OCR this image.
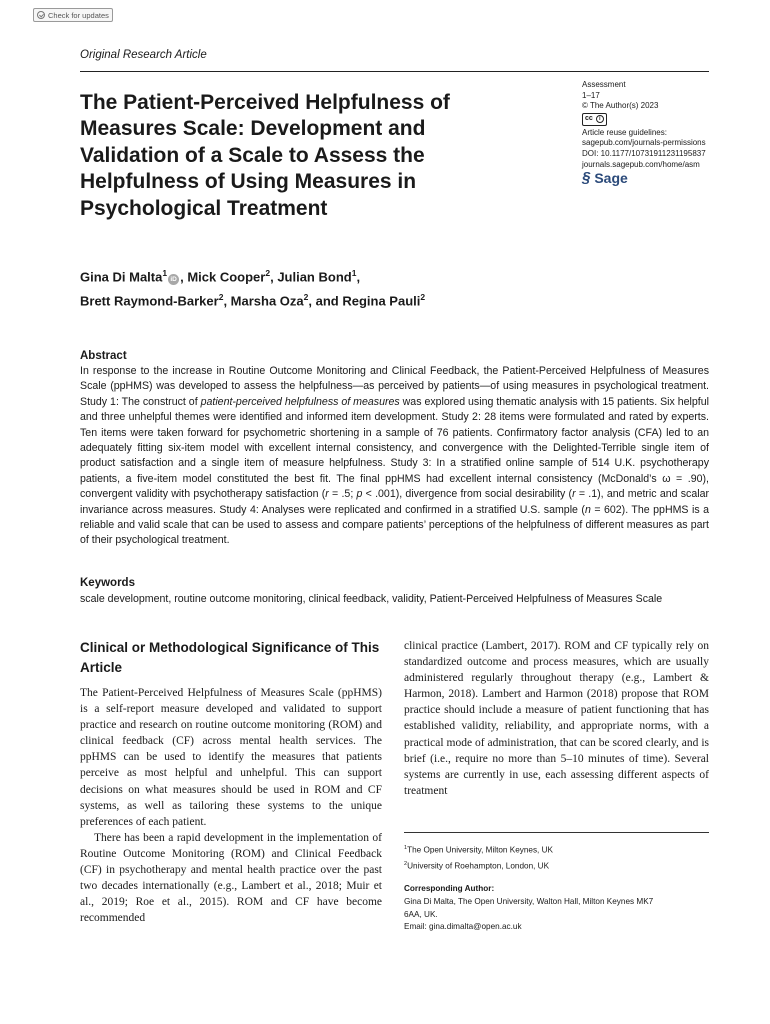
Check for updates
Original Research Article
Assessment
1–17
© The Author(s) 2023
cc	i
Article reuse guidelines:
sagepub.com/journals-permissions
DOI: 10.1177/10731911231195837
journals.sagepub.com/home/asm
§ Sage
The Patient-Perceived Helpfulness of Measures Scale: Development and Validation of a Scale to Assess the Helpfulness of Using Measures in Psychological Treatment
Gina Di Malta$^1$iD , Mick Cooper$^2$, Julian Bond$^1$,
Brett Raymond-Barker$^2$, Marsha Oza$^2$, and Regina Pauli$^2$
Abstract
In response to the increase in Routine Outcome Monitoring and Clinical Feedback, the Patient-Perceived Helpfulness of Measures Scale (ppHMS) was developed to assess the helpfulness—as perceived by patients—of using measures in psychological treatment. Study 1: The construct of patient-perceived helpfulness of measures was explored using thematic analysis with 15 patients. Six helpful and three unhelpful themes were identified and informed item development. Study 2: 28 items were formulated and rated by experts. Ten items were taken forward for psychometric shortening in a sample of 76 patients. Confirmatory factor analysis (CFA) led to an adequately fitting six-item model with excellent internal consistency, and convergence with the Delighted-Terrible single item of product satisfaction and a single item of measure helpfulness. Study 3: In a stratified online sample of 514 U.K. psychotherapy patients, a five-item model constituted the best fit. The final ppHMS had excellent internal consistency (McDonald’s ω = .90), convergent validity with psychotherapy satisfaction (r = .5; p < .001), divergence from social desirability (r = .1), and metric and scalar invariance across measures. Study 4: Analyses were replicated and confirmed in a stratified U.S. sample (n = 602). The ppHMS is a reliable and valid scale that can be used to assess and compare patients’ perceptions of the helpfulness of different measures as part of their psychological treatment.
Keywords
scale development, routine outcome monitoring, clinical feedback, validity, Patient-Perceived Helpfulness of Measures Scale
Clinical or Methodological Significance of This Article

The Patient-Perceived Helpfulness of Measures Scale (ppHMS) is a self-report measure developed and validated to support practice and research on routine outcome monitoring (ROM) and clinical feedback (CF) across mental health services. The ppHMS can be used to identify the measures that patients perceive as most helpful and unhelpful. This can support decisions on what measures should be used in ROM and CF systems, as well as tailoring these systems to the unique preferences of each patient.

There has been a rapid development in the implementation of Routine Outcome Monitoring (ROM) and Clinical Feedback (CF) in psychotherapy and mental health practice over the past two decades internationally (e.g., Lambert et al., 2018; Muir et al., 2019; Roe et al., 2015). ROM and CF have become recommended

clinical practice (Lambert, 2017). ROM and CF typically rely on standardized outcome and process measures, which are usually administered regularly throughout therapy (e.g., Lambert & Harmon, 2018). Lambert and Harmon (2018) propose that ROM practice should include a measure of patient functioning that has established validity, reliability, and appropriate norms, with a practical mode of administration, that can be scored clearly, and is brief (i.e., require no more than 5–10 minutes of time). Several systems are currently in use, each assessing different aspects of treatment

$^1$The Open University, Milton Keynes, UK
$^2$University of Roehampton, London, UK
Corresponding Author:
Gina Di Malta, The Open University, Walton Hall, Milton Keynes MK7
6AA, UK.
Email: gina.dimalta@open.ac.uk
